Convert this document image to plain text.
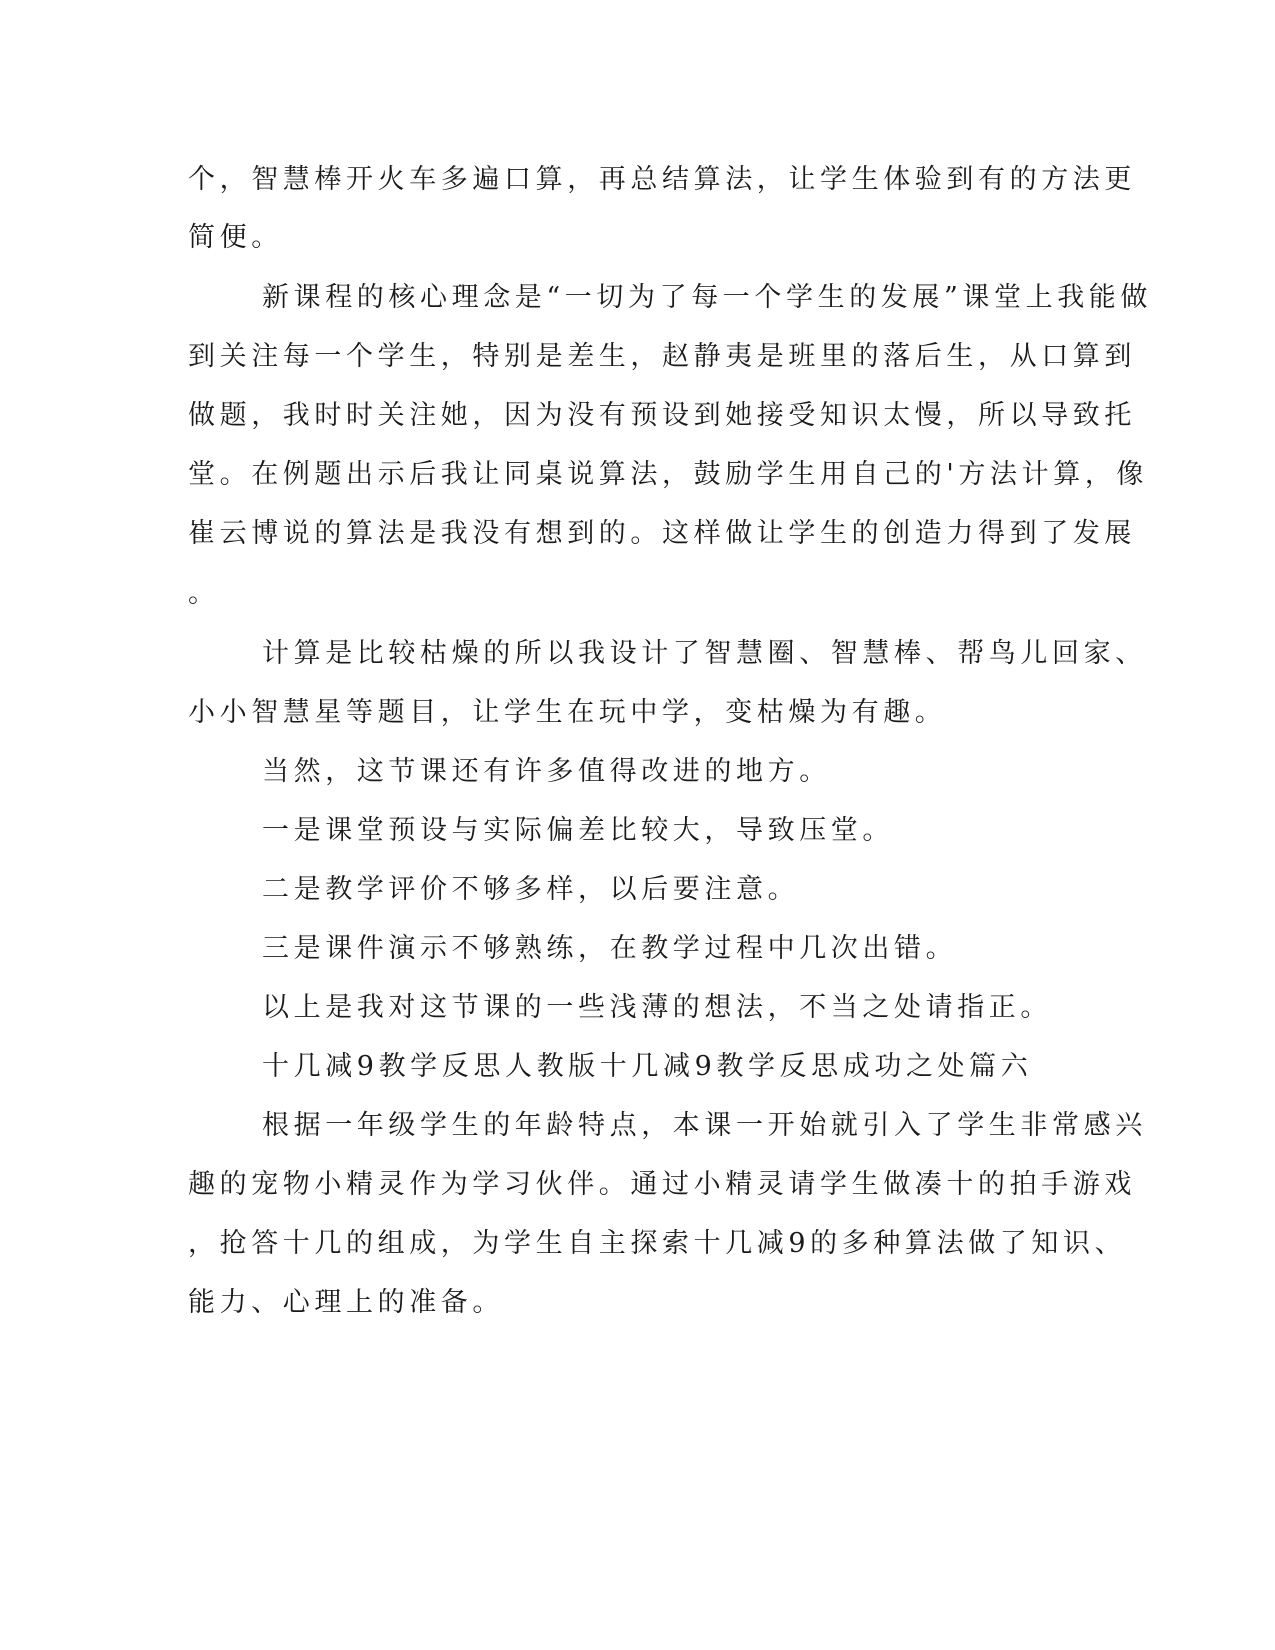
个，智慧棒开火车多遍口算，再总结算法，让学生体验到有的方法更
简便。
新课程的核心理念是“一切为了每一个学生的发展”课堂上我能做
到关注每一个学生，特别是差生，赵静夷是班里的落后生，从口算到
做题，我时时关注她，因为没有预设到她接受知识太慢，所以导致托
堂。在例题出示后我让同桌说算法，鼓励学生用自己的'方法计算，像
崔云博说的算法是我没有想到的。这样做让学生的创造力得到了发展
。
计算是比较枯燥的所以我设计了智慧圈、智慧棒、帮鸟儿回家、
小小智慧星等题目，让学生在玩中学，变枯燥为有趣。
当然，这节课还有许多值得改进的地方。
一是课堂预设与实际偏差比较大，导致压堂。
二是教学评价不够多样，以后要注意。
三是课件演示不够熟练，在教学过程中几次出错。
以上是我对这节课的一些浅薄的想法，不当之处请指正。
十几减9教学反思人教版十几减9教学反思成功之处篇六
根据一年级学生的年龄特点，本课一开始就引入了学生非常感兴
趣的宠物小精灵作为学习伙伴。通过小精灵请学生做凑十的拍手游戏
，抢答十几的组成，为学生自主探索十几减9的多种算法做了知识、
能力、心理上的准备。
